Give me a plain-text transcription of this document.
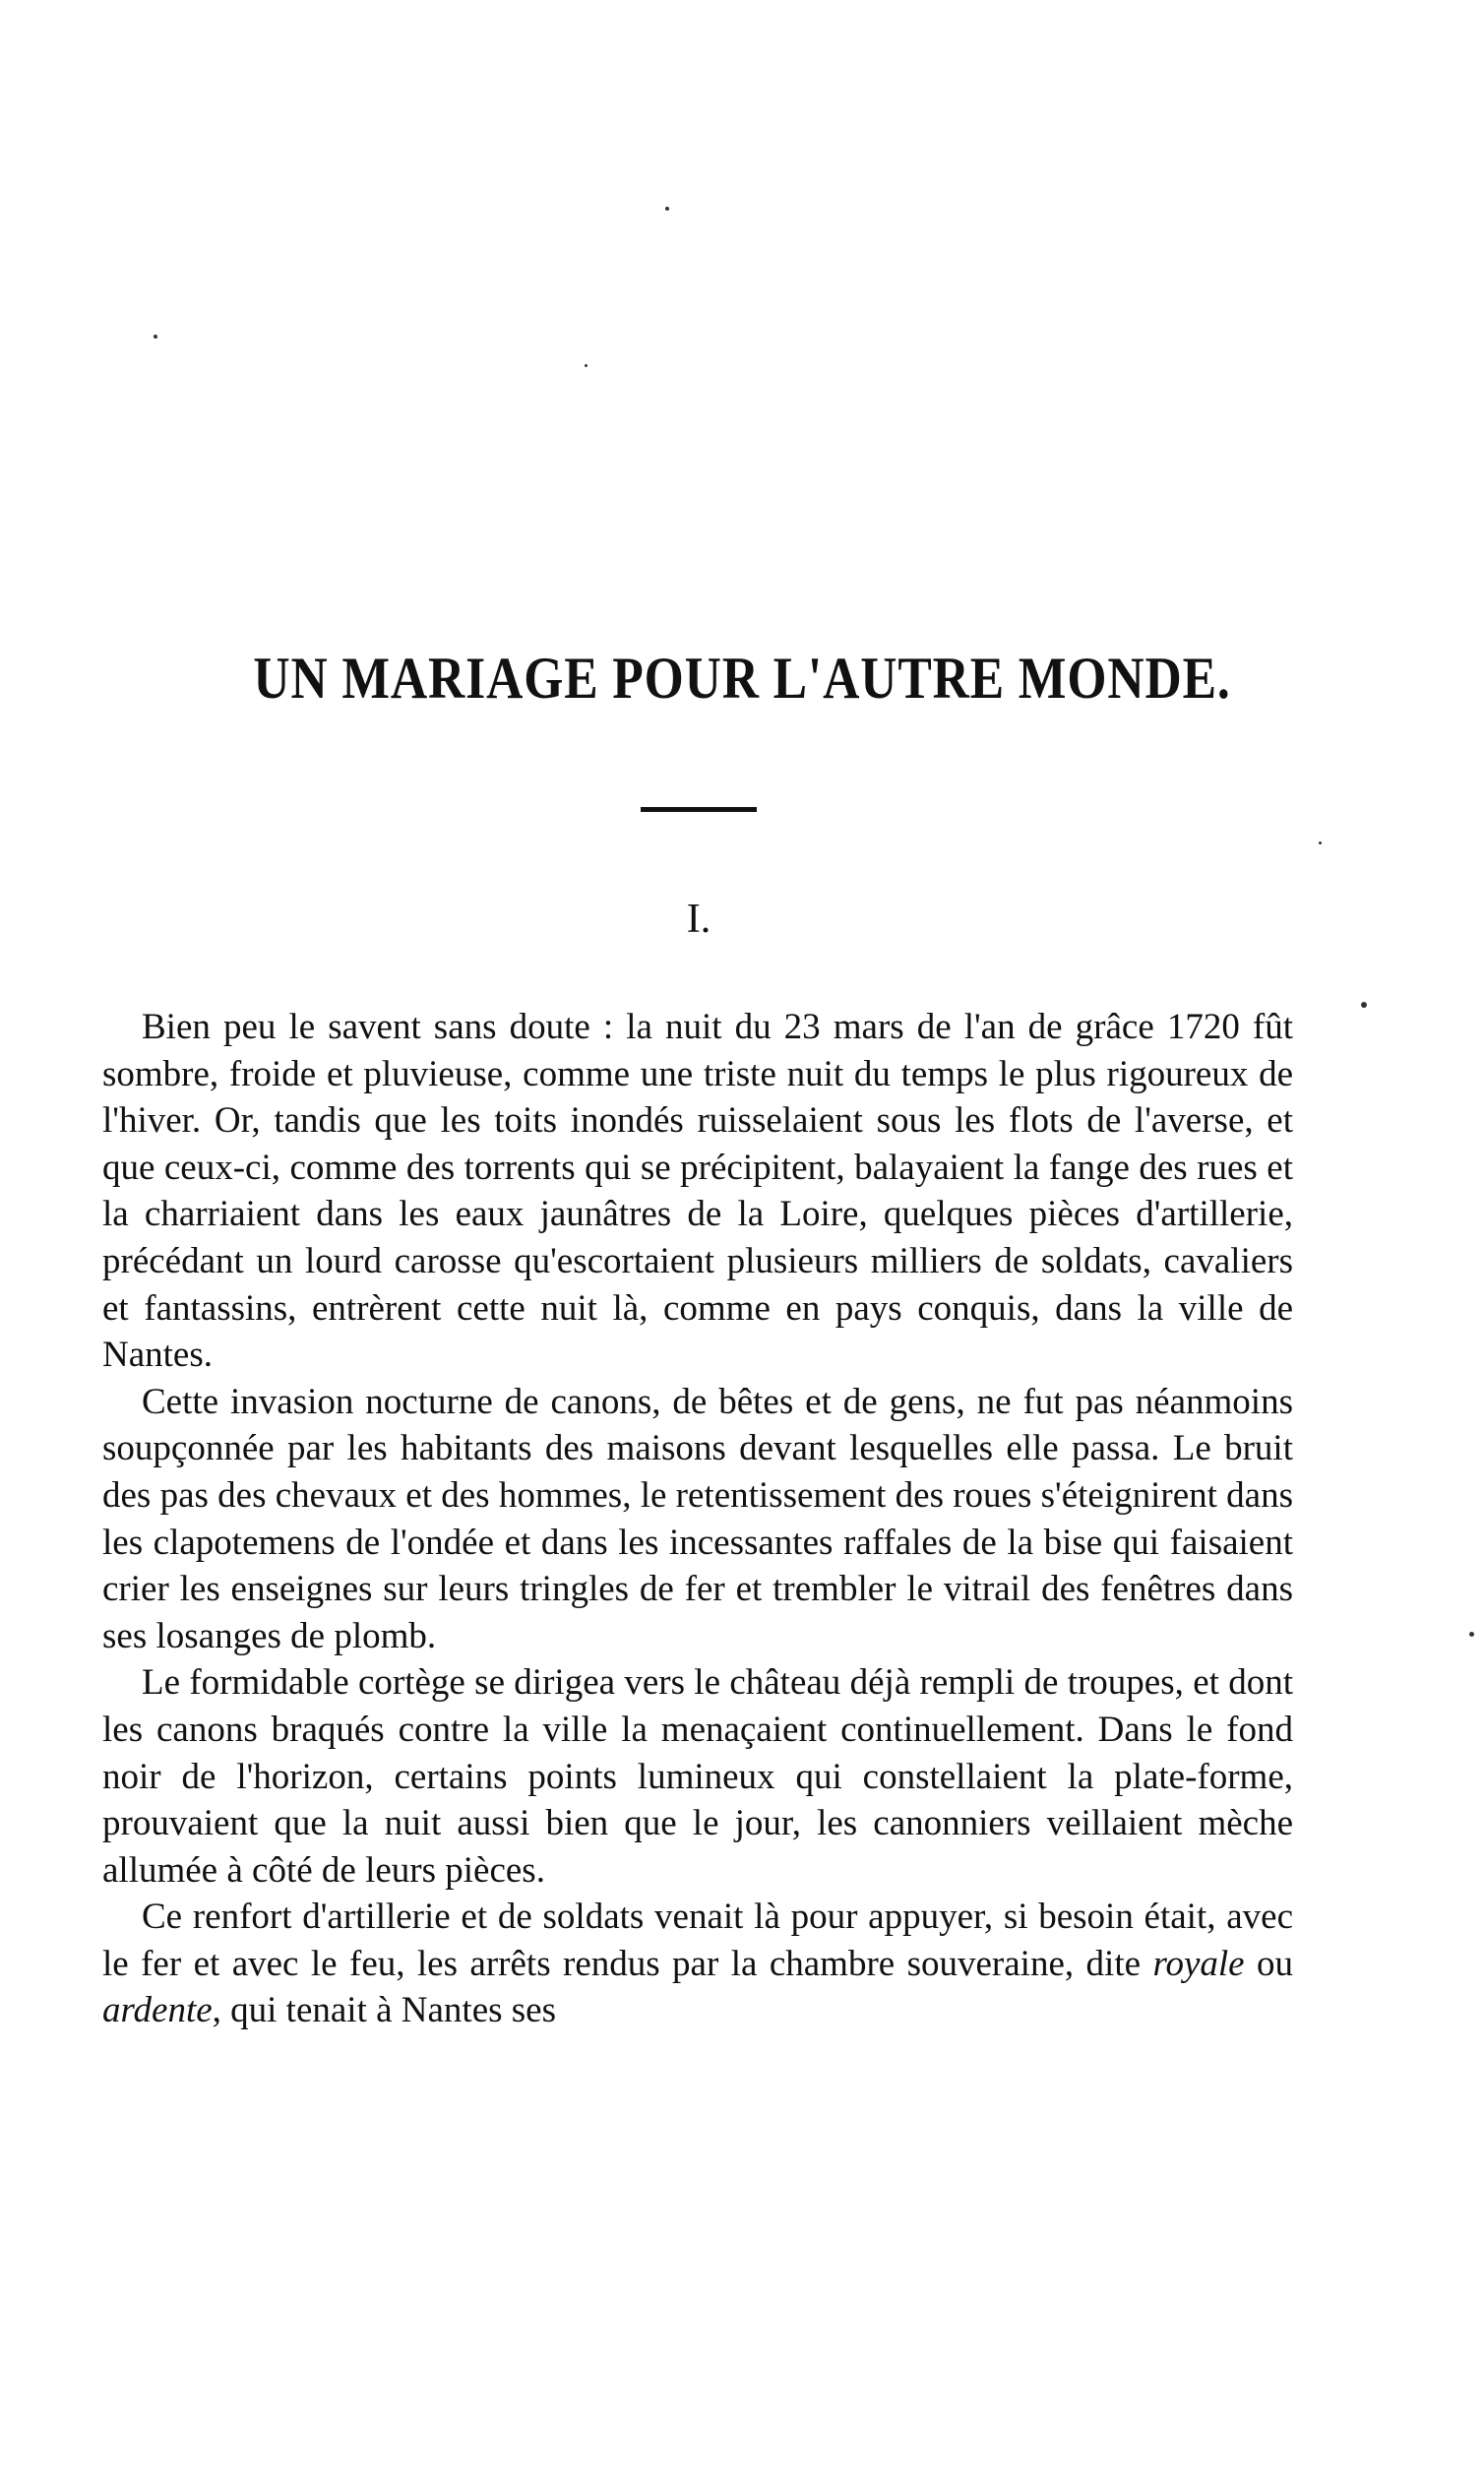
UN MARIAGE POUR L'AUTRE MONDE.
I.

Bien peu le savent sans doute : la nuit du 23 mars de l'an de grâce 1720 fût sombre, froide et pluvieuse, comme une triste nuit du temps le plus rigoureux de l'hiver. Or, tandis que les toits inondés ruisselaient sous les flots de l'averse, et que ceux-ci, comme des torrents qui se précipitent, balayaient la fange des rues et la charriaient dans les eaux jaunâtres de la Loire, quelques pièces d'artillerie, précédant un lourd carosse qu'escortaient plusieurs milliers de soldats, cavaliers et fantassins, entrèrent cette nuit là, comme en pays conquis, dans la ville de Nantes.

Cette invasion nocturne de canons, de bêtes et de gens, ne fut pas néanmoins soupçonnée par les habitants des maisons devant lesquelles elle passa. Le bruit des pas des chevaux et des hommes, le retentissement des roues s'éteignirent dans les clapotemens de l'ondée et dans les incessantes raffales de la bise qui faisaient crier les enseignes sur leurs tringles de fer et trembler le vitrail des fenêtres dans ses losanges de plomb.

Le formidable cortège se dirigea vers le château déjà rempli de troupes, et dont les canons braqués contre la ville la menaçaient continuellement. Dans le fond noir de l'horizon, certains points lumineux qui constellaient la plate-forme, prouvaient que la nuit aussi bien que le jour, les canonniers veillaient mèche allumée à côté de leurs pièces.

Ce renfort d'artillerie et de soldats venait là pour appuyer, si besoin était, avec le fer et avec le feu, les arrêts rendus par la chambre souveraine, dite royale ou ardente, qui tenait à Nantes ses
